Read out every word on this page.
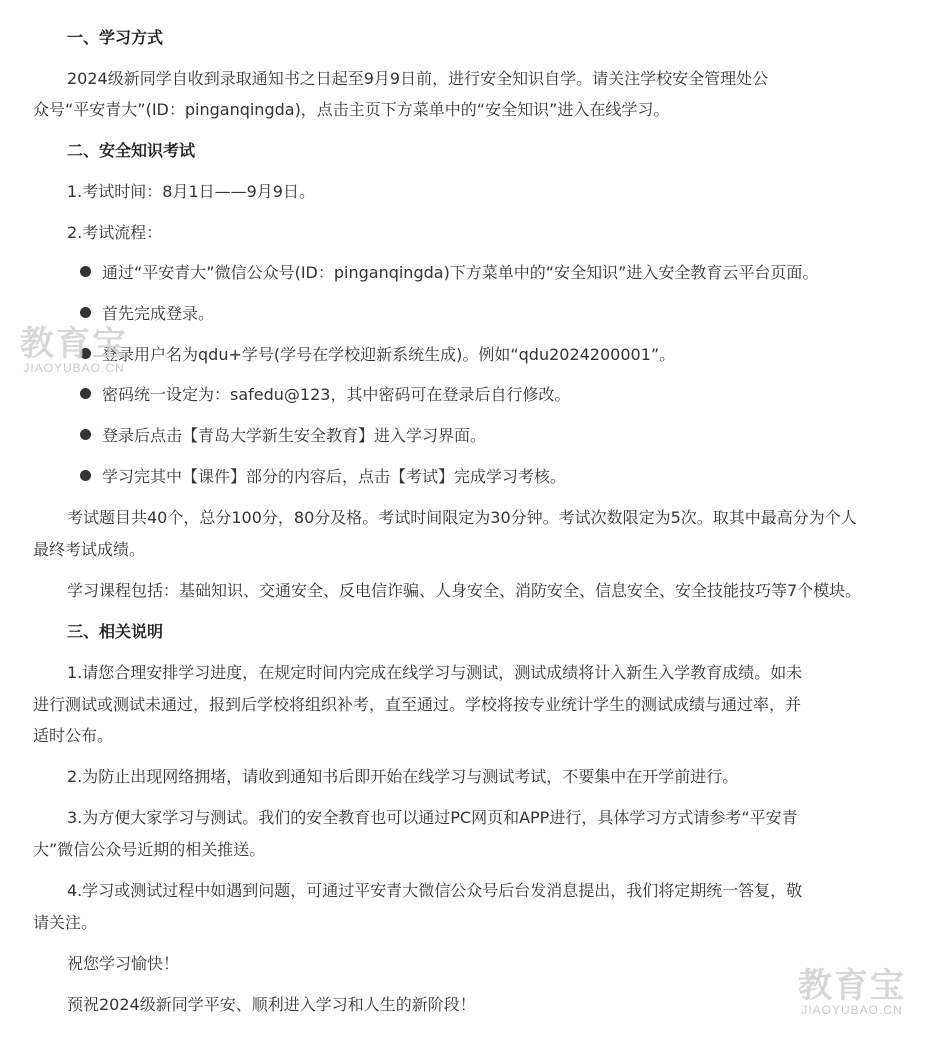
一、学习方式
2024级新同学自收到录取通知书之日起至9月9日前，进行安全知识自学。请关注学校安全管理处公
众号“平安青大”(ID：pinganqingda)，点击主页下方菜单中的“安全知识”进入在线学习。
二、安全知识考试
1.考试时间：8月1日——9月9日。
2.考试流程：
通过“平安青大”微信公众号(ID：pinganqingda)下方菜单中的“安全知识”进入安全教育云平台页面。
首先完成登录。
登录用户名为qdu+学号(学号在学校迎新系统生成)。例如“qdu2024200001”。
密码统一设定为：safedu@123，其中密码可在登录后自行修改。
登录后点击【青岛大学新生安全教育】进入学习界面。
学习完其中【课件】部分的内容后，点击【考试】完成学习考核。
考试题目共40个，总分100分，80分及格。考试时间限定为30分钟。考试次数限定为5次。取其中最高分为个人
最终考试成绩。
学习课程包括：基础知识、交通安全、反电信诈骗、人身安全、消防安全、信息安全、安全技能技巧等7个模块。
三、相关说明
1.请您合理安排学习进度，在规定时间内完成在线学习与测试，测试成绩将计入新生入学教育成绩。如未
进行测试或测试未通过，报到后学校将组织补考，直至通过。学校将按专业统计学生的测试成绩与通过率，并
适时公布。
2.为防止出现网络拥堵，请收到通知书后即开始在线学习与测试考试，不要集中在开学前进行。
3.为方便大家学习与测试。我们的安全教育也可以通过PC网页和APP进行，具体学习方式请参考“平安青
大”微信公众号近期的相关推送。
4.学习或测试过程中如遇到问题，可通过平安青大微信公众号后台发消息提出，我们将定期统一答复，敬
请关注。
祝您学习愉快！
预祝2024级新同学平安、顺利进入学习和人生的新阶段！
教育宝
JIAOYUBAO.CN
教育宝
JIAOYUBAO.CN
